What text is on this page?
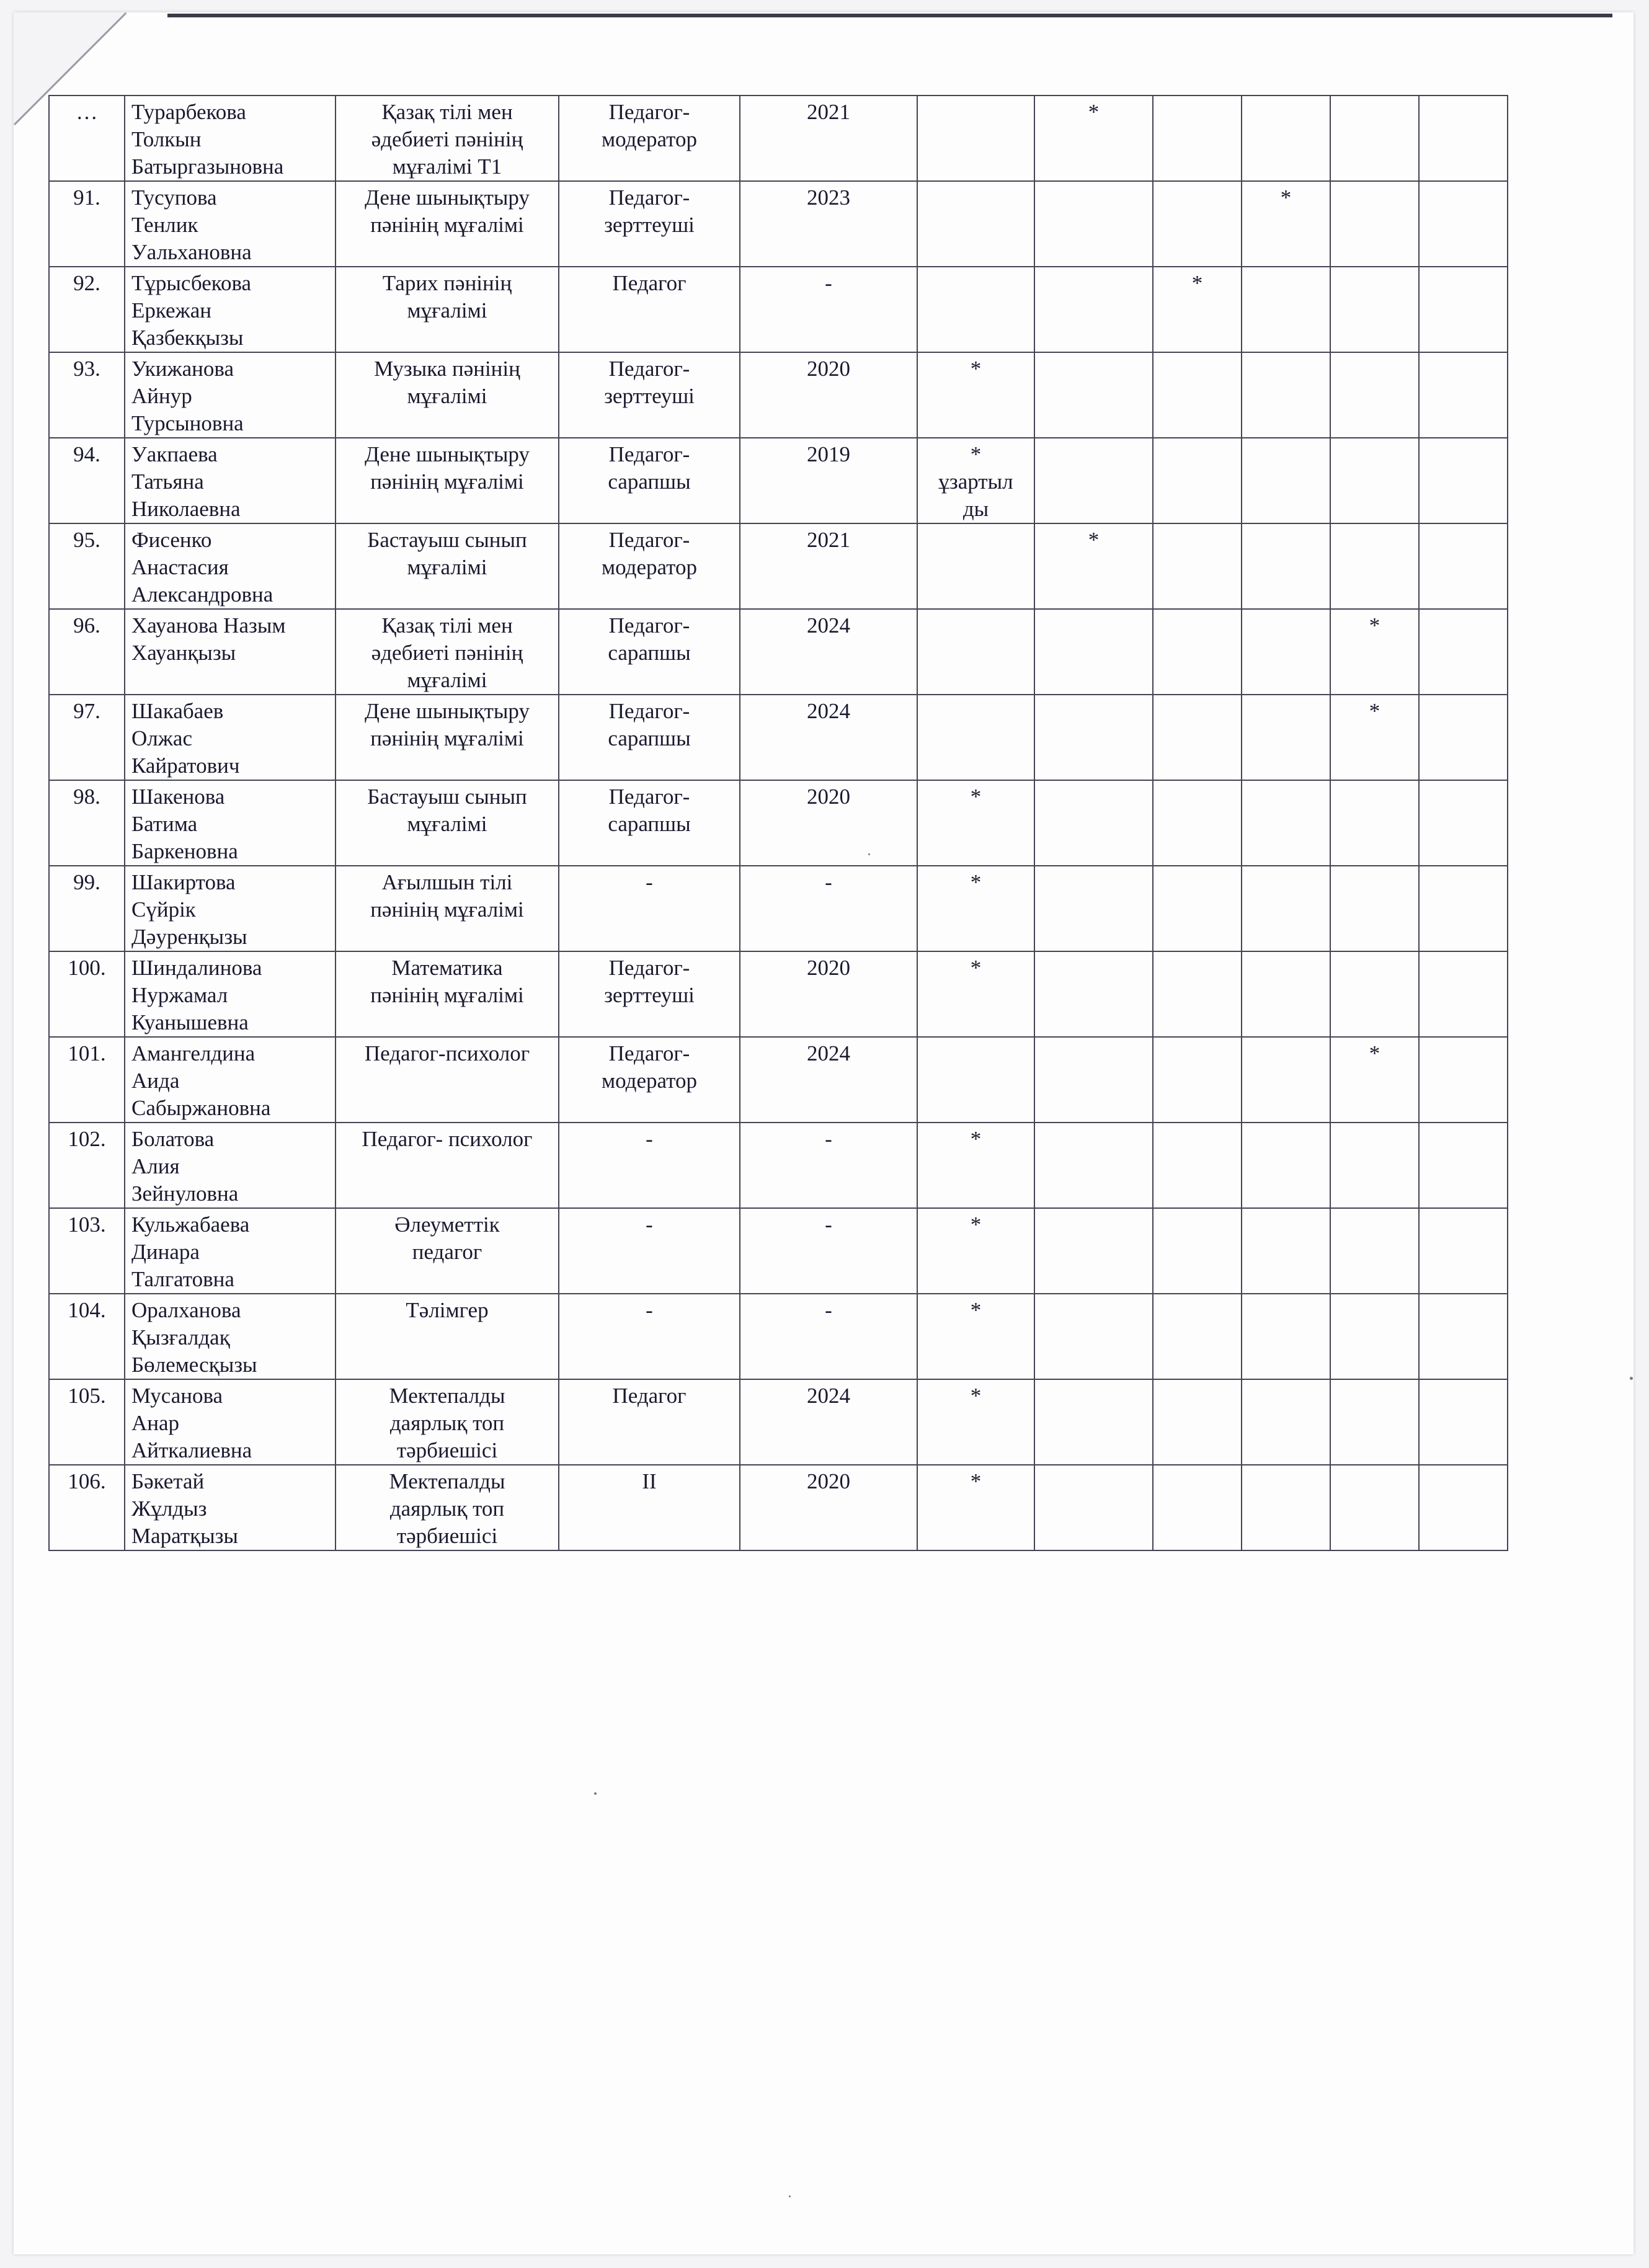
…	Турарбекова
Толкын
Батыргазыновна	Қазақ тілі мен
әдебиеті пәнінің
мұғалімі Т1	Педагог-
модератор	2021		*				
91.	Тусупова
Тенлик
Уальхановна	Дене шынықтыру
пәнінің мұғалімі	Педагог-
зерттеуші	2023				*		
92.	Тұрысбекова
Еркежан
Қазбекқызы	Тарих пәнінің
мұғалімі	Педагог	-			*			
93.	Укижанова
Айнур
Турсыновна	Музыка пәнінің
мұғалімі	Педагог-
зерттеуші	2020	*					
94.	Уакпаева
Татьяна
Николаевна	Дене шынықтыру
пәнінің мұғалімі	Педагог-
сарапшы	2019	*
ұзартыл
ды					
95.	Фисенко
Анастасия
Александровна	Бастауыш сынып
мұғалімі	Педагог-
модератор	2021		*				
96.	Хауанова Назым
Хауанқызы	Қазақ тілі мен
әдебиеті пәнінің
мұғалімі	Педагог-
сарапшы	2024					*	
97.	Шакабаев
Олжас
Кайратович	Дене шынықтыру
пәнінің мұғалімі	Педагог-
сарапшы	2024					*	
98.	Шакенова
Батима
Баркеновна	Бастауыш сынып
мұғалімі	Педагог-
сарапшы	2020	*					
99.	Шакиртова
Сүйрік
Дәуренқызы	Ағылшын тілі
пәнінің мұғалімі	-	-	*					
100.	Шиндалинова
Нуржамал
Куанышевна	Математика
пәнінің мұғалімі	Педагог-
зерттеуші	2020	*					
101.	Амангелдина
Аида
Сабыржановна	Педагог-психолог	Педагог-
модератор	2024					*	
102.	Болатова
Алия
Зейнуловна	Педагог- психолог	-	-	*					
103.	Кульжабаева
Динара
Талгатовна	Әлеуметтік
педагог	-	-	*					
104.	Оралханова
Қызғалдақ
Бөлемесқызы	Тәлімгер	-	-	*					
105.	Мусанова
Анар
Айткалиевна	Мектепалды
даярлық топ
тәрбиешісі	Педагог	2024	*					
106.	Бәкетай
Жұлдыз
Маратқызы	Мектепалды
даярлық топ
тәрбиешісі	II	2020	*					
